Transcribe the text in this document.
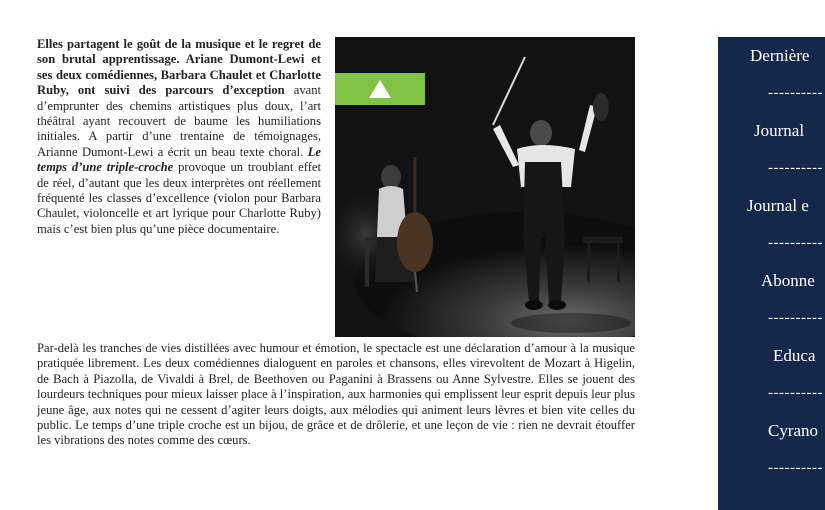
Elles partagent le goût de la musique et le regret de son brutal apprentissage. Ariane Dumont-Lewi et ses deux comédiennes, Barbara Chaulet et Charlotte Ruby, ont suivi des parcours d’exception avant d’emprunter des chemins artistiques plus doux, l’art théâtral ayant recouvert de baume les humiliations initiales. A partir d’une trentaine de témoignages, Arianne Dumont-Lewi a écrit un beau texte choral. Le temps d’une triple-croche provoque un troublant effet de réel, d’autant que les deux interprètes ont réellement fréquenté les classes d’excellence (violon pour Barbara Chaulet, violoncelle et art lyrique pour Charlotte Ruby) mais c’est bien plus qu’une pièce documentaire.

Par-delà les tranches de vies distillées avec humour et émotion, le spectacle est une déclaration d’amour à la musique pratiquée librement. Les deux comédiennes dialoguent en paroles et chansons, elles virevoltent de Mozart à Higelin, de Bach à Piazolla, de Vivaldi à Brel, de Beethoven ou Paganini à Brassens ou Anne Sylvestre. Elles se jouent des lourdeurs techniques pour mieux laisser place à l’inspiration, aux harmonies qui emplissent leur esprit depuis leur plus jeune âge, aux notes qui ne cessent d’agiter leurs doigts, aux mélodies qui animent leurs lèvres et bien vite celles du public. Le temps d’une triple croche est un bijou, de grâce et de drôlerie, et une leçon de vie : rien ne devrait étouffer les vibrations des notes comme des cœurs.

Dernière
----------
Journal
----------
Journal e
----------
Abonne
----------
Educa
----------
Cyrano
----------
